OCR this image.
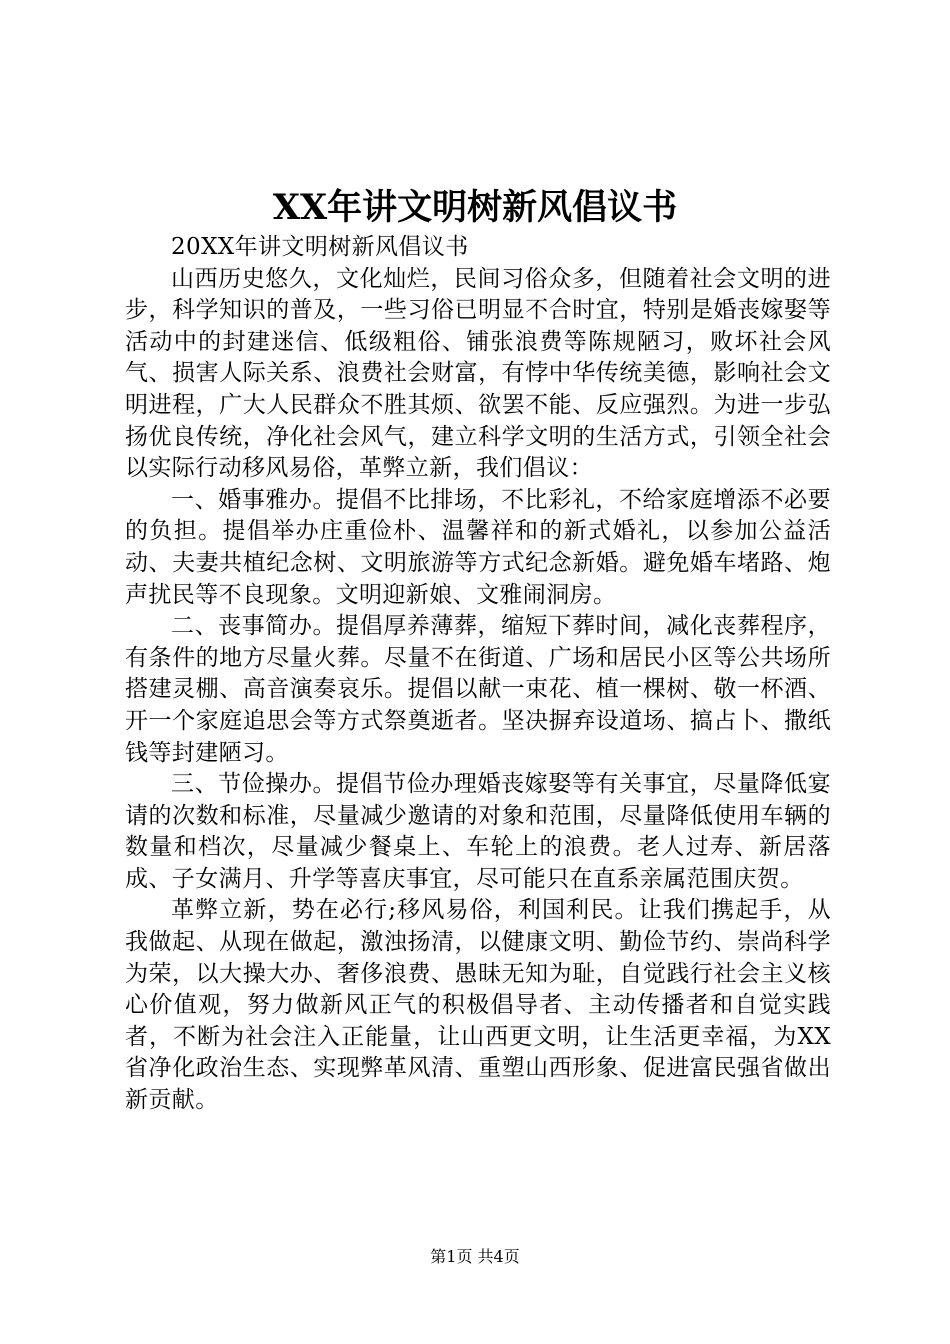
XX年讲文明树新风倡议书

20XX年讲文明树新风倡议书

山西历史悠久，文化灿烂，民间习俗众多，但随着社会文明的进步，科学知识的普及，一些习俗已明显不合时宜，特别是婚丧嫁娶等活动中的封建迷信、低级粗俗、铺张浪费等陈规陋习，败坏社会风气、损害人际关系、浪费社会财富，有悖中华传统美德，影响社会文明进程，广大人民群众不胜其烦、欲罢不能、反应强烈。为进一步弘扬优良传统，净化社会风气，建立科学文明的生活方式，引领全社会以实际行动移风易俗，革弊立新，我们倡议：

一、婚事雅办。提倡不比排场，不比彩礼，不给家庭增添不必要的负担。提倡举办庄重俭朴、温馨祥和的新式婚礼，以参加公益活动、夫妻共植纪念树、文明旅游等方式纪念新婚。避免婚车堵路、炮声扰民等不良现象。文明迎新娘、文雅闹洞房。

二、丧事简办。提倡厚养薄葬，缩短下葬时间，减化丧葬程序，有条件的地方尽量火葬。尽量不在街道、广场和居民小区等公共场所搭建灵棚、高音演奏哀乐。提倡以献一束花、植一棵树、敬一杯酒、开一个家庭追思会等方式祭奠逝者。坚决摒弃设道场、搞占卜、撒纸钱等封建陋习。

三、节俭操办。提倡节俭办理婚丧嫁娶等有关事宜，尽量降低宴请的次数和标准，尽量减少邀请的对象和范围，尽量降低使用车辆的数量和档次，尽量减少餐桌上、车轮上的浪费。老人过寿、新居落成、子女满月、升学等喜庆事宜，尽可能只在直系亲属范围庆贺。

革弊立新，势在必行;移风易俗，利国利民。让我们携起手，从我做起、从现在做起，激浊扬清，以健康文明、勤俭节约、崇尚科学为荣，以大操大办、奢侈浪费、愚昧无知为耻，自觉践行社会主义核心价值观，努力做新风正气的积极倡导者、主动传播者和自觉实践者，不断为社会注入正能量，让山西更文明，让生活更幸福，为XX省净化政治生态、实现弊革风清、重塑山西形象、促进富民强省做出新贡献。

第1页 共4页
